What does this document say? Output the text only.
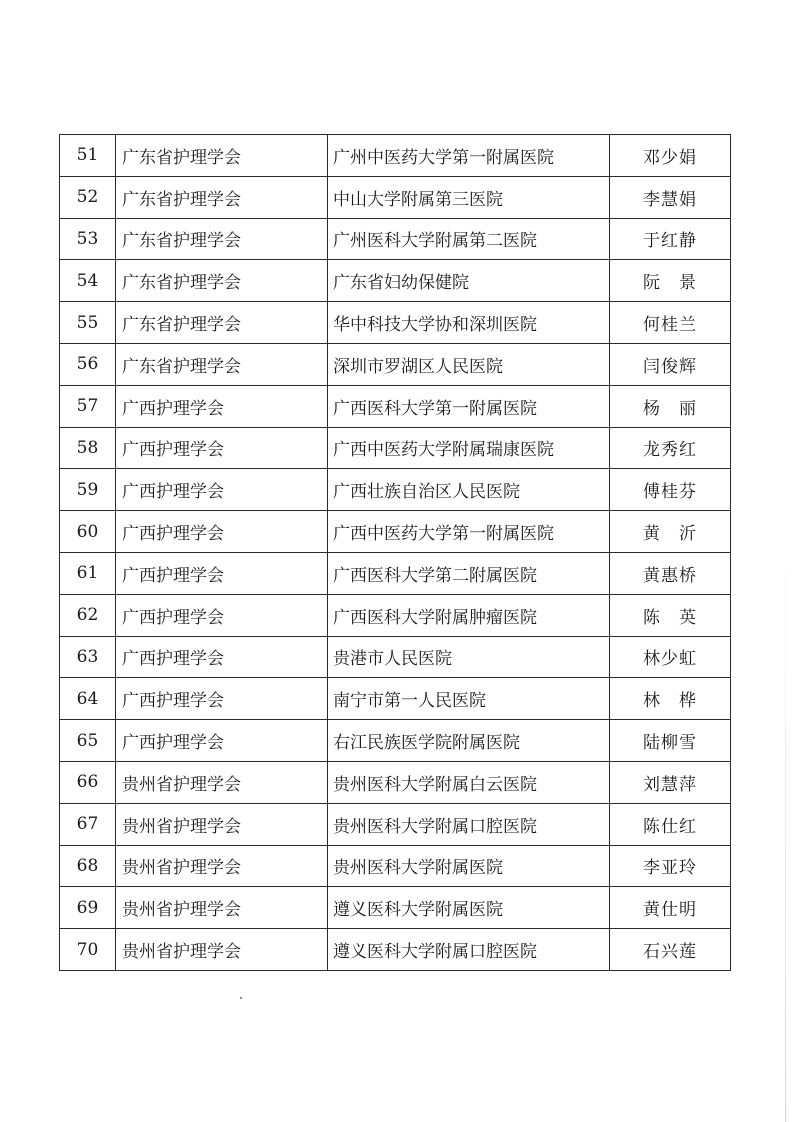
51	广东省护理学会	广州中医药大学第一附属医院	邓少娟
52	广东省护理学会	中山大学附属第三医院	李慧娟
53	广东省护理学会	广州医科大学附属第二医院	于红静
54	广东省护理学会	广东省妇幼保健院	阮　景
55	广东省护理学会	华中科技大学协和深圳医院	何桂兰
56	广东省护理学会	深圳市罗湖区人民医院	闫俊辉
57	广西护理学会	广西医科大学第一附属医院	杨　丽
58	广西护理学会	广西中医药大学附属瑞康医院	龙秀红
59	广西护理学会	广西壮族自治区人民医院	傅桂芬
60	广西护理学会	广西中医药大学第一附属医院	黄　沂
61	广西护理学会	广西医科大学第二附属医院	黄惠桥
62	广西护理学会	广西医科大学附属肿瘤医院	陈　英
63	广西护理学会	贵港市人民医院	林少虹
64	广西护理学会	南宁市第一人民医院	林　桦
65	广西护理学会	右江民族医学院附属医院	陆柳雪
66	贵州省护理学会	贵州医科大学附属白云医院	刘慧萍
67	贵州省护理学会	贵州医科大学附属口腔医院	陈仕红
68	贵州省护理学会	贵州医科大学附属医院	李亚玲
69	贵州省护理学会	遵义医科大学附属医院	黄仕明
70	贵州省护理学会	遵义医科大学附属口腔医院	石兴莲
